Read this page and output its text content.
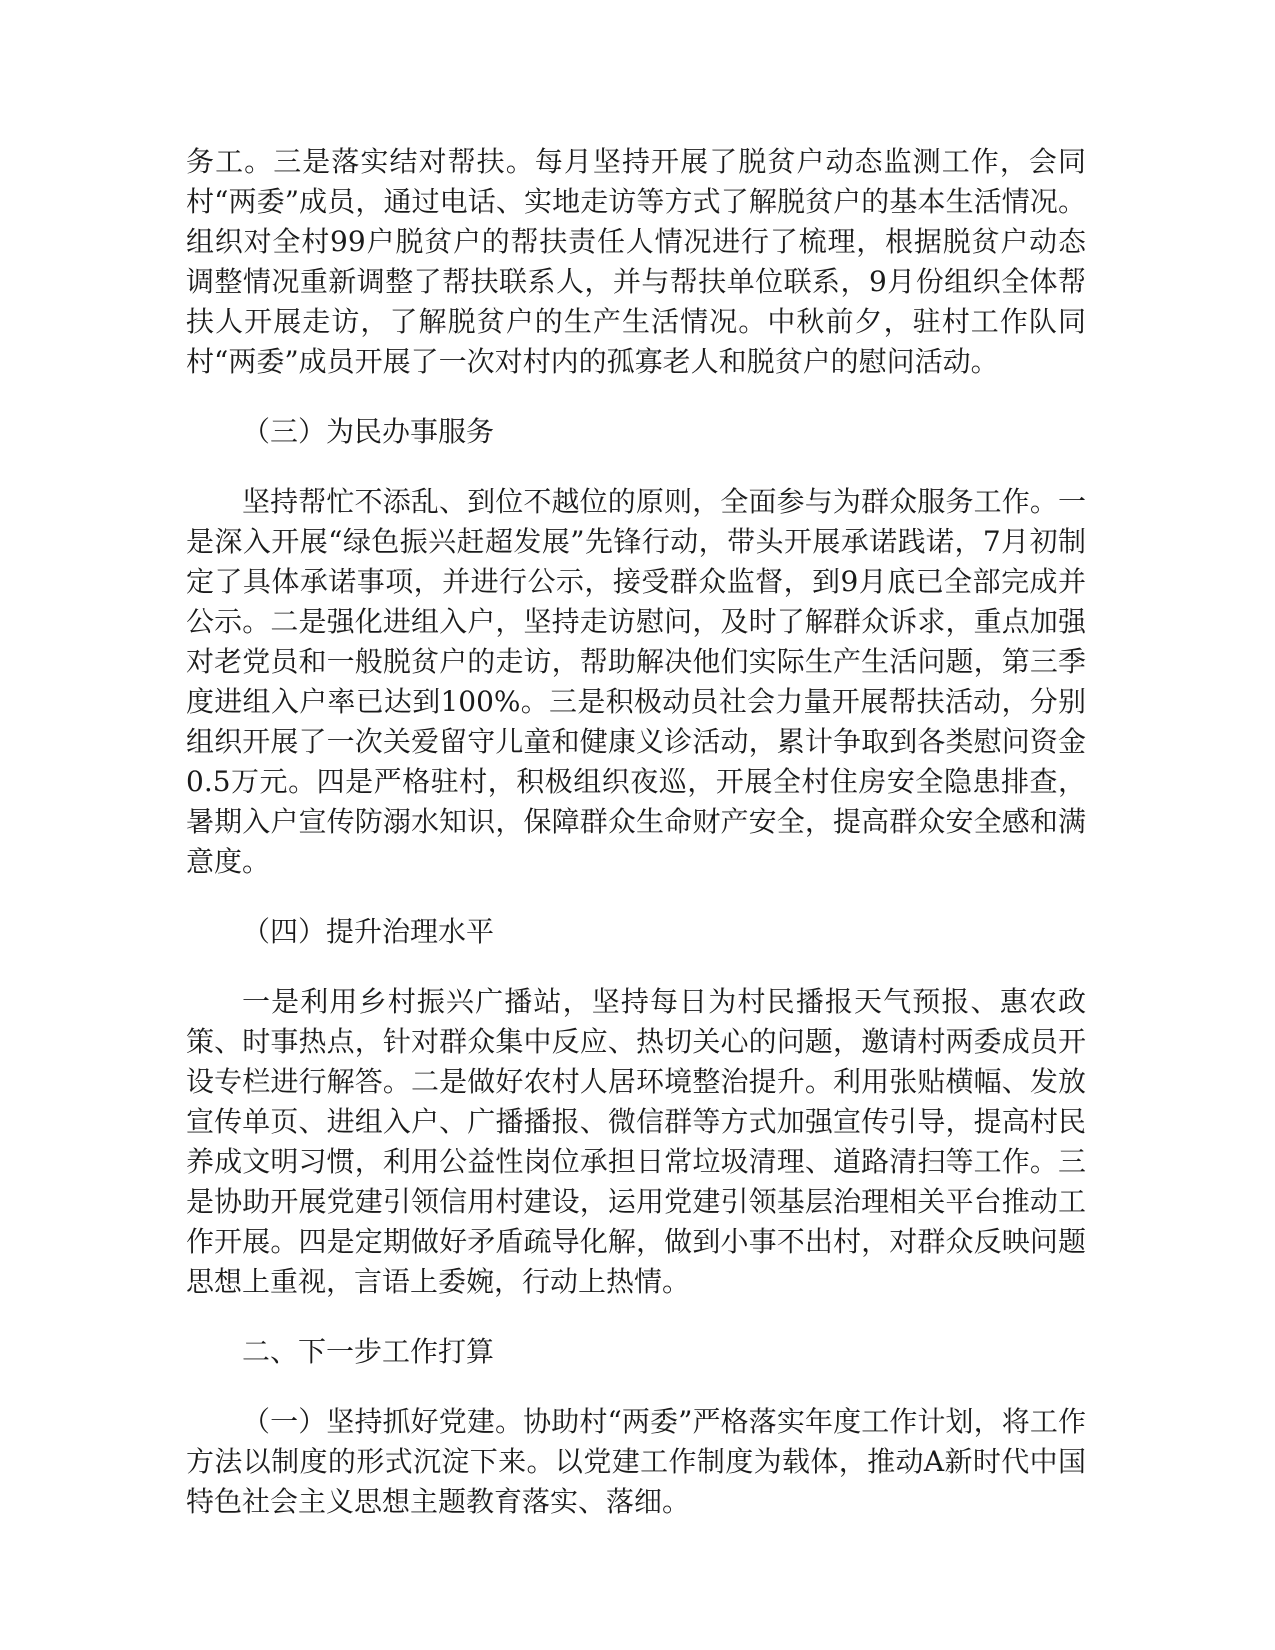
务工。三是落实结对帮扶。每月坚持开展了脱贫户动态监测工作，会同村“两委”成员，通过电话、实地走访等方式了解脱贫户的基本生活情况。组织对全村99户脱贫户的帮扶责任人情况进行了梳理，根据脱贫户动态调整情况重新调整了帮扶联系人，并与帮扶单位联系，9月份组织全体帮扶人开展走访，了解脱贫户的生产生活情况。中秋前夕，驻村工作队同村“两委”成员开展了一次对村内的孤寡老人和脱贫户的慰问活动。

（三）为民办事服务

坚持帮忙不添乱、到位不越位的原则，全面参与为群众服务工作。一是深入开展“绿色振兴赶超发展”先锋行动，带头开展承诺践诺，7月初制定了具体承诺事项，并进行公示，接受群众监督，到9月底已全部完成并公示。二是强化进组入户，坚持走访慰问，及时了解群众诉求，重点加强对老党员和一般脱贫户的走访，帮助解决他们实际生产生活问题，第三季度进组入户率已达到100%。三是积极动员社会力量开展帮扶活动，分别组织开展了一次关爱留守儿童和健康义诊活动，累计争取到各类慰问资金0.5万元。四是严格驻村，积极组织夜巡，开展全村住房安全隐患排查，暑期入户宣传防溺水知识，保障群众生命财产安全，提高群众安全感和满意度。

（四）提升治理水平

一是利用乡村振兴广播站，坚持每日为村民播报天气预报、惠农政策、时事热点，针对群众集中反应、热切关心的问题，邀请村两委成员开设专栏进行解答。二是做好农村人居环境整治提升。利用张贴横幅、发放宣传单页、进组入户、广播播报、微信群等方式加强宣传引导，提高村民养成文明习惯，利用公益性岗位承担日常垃圾清理、道路清扫等工作。三是协助开展党建引领信用村建设，运用党建引领基层治理相关平台推动工作开展。四是定期做好矛盾疏导化解，做到小事不出村，对群众反映问题思想上重视，言语上委婉，行动上热情。

二、下一步工作打算

（一）坚持抓好党建。协助村“两委”严格落实年度工作计划，将工作方法以制度的形式沉淀下来。以党建工作制度为载体，推动A新时代中国特色社会主义思想主题教育落实、落细。
